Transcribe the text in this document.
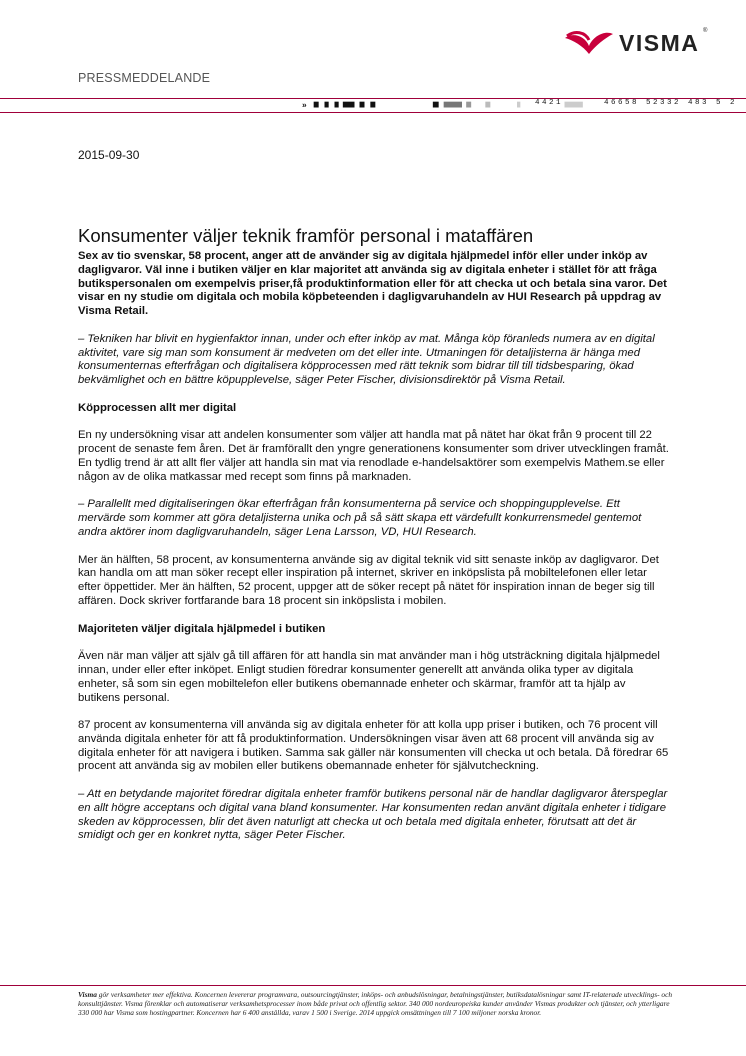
VISMA ®
PRESSMEDDELANDE
»	4421	46658 52332 483 5 2
2015-09-30
Konsumenter väljer teknik framför personal i mataffären

Sex av tio svenskar, 58 procent, anger att de använder sig av digitala hjälpmedel inför eller under inköp av dagligvaror. Väl inne i butiken väljer en klar majoritet att använda sig av digitala enheter i stället för att fråga butikspersonalen om exempelvis priser,få produktinformation eller för att checka ut och betala sina varor. Det visar en ny studie om digitala och mobila köpbeteenden i dagligvaruhandeln av HUI Research på uppdrag av Visma Retail.

– Tekniken har blivit en hygienfaktor innan, under och efter inköp av mat. Många köp föranleds numera av en digital aktivitet, vare sig man som konsument är medveten om det eller inte. Utmaningen för detaljisterna är hänga med konsumenternas efterfrågan och digitalisera köpprocessen med rätt teknik som bidrar till till tidsbesparing, ökad bekvämlighet och en bättre köpupplevelse, säger Peter Fischer, divisionsdirektör på Visma Retail.

Köpprocessen allt mer digital

En ny undersökning visar att andelen konsumenter som väljer att handla mat på nätet har ökat från 9 procent till 22 procent de senaste fem åren. Det är framförallt den yngre generationens konsumenter som driver utvecklingen framåt. En tydlig trend är att allt fler väljer att handla sin mat via renodlade e-handelsaktörer som exempelvis Mathem.se eller någon av de olika matkassar med recept som finns på marknaden.

– Parallellt med digitaliseringen ökar efterfrågan från konsumenterna på service och shoppingupplevelse. Ett mervärde som kommer att göra detaljisterna unika och på så sätt skapa ett värdefullt konkurrensmedel gentemot andra aktörer inom dagligvaruhandeln, säger Lena Larsson, VD, HUI Research.

Mer än hälften, 58 procent, av konsumenterna använde sig av digital teknik vid sitt senaste inköp av dagligvaror. Det kan handla om att man söker recept eller inspiration på internet, skriver en inköpslista på mobiltelefonen eller letar efter öppettider. Mer än hälften, 52 procent, uppger att de söker recept på nätet för inspiration innan de beger sig till affären. Dock skriver fortfarande bara 18 procent sin inköpslista i mobilen.

Majoriteten väljer digitala hjälpmedel i butiken

Även när man väljer att själv gå till affären för att handla sin mat använder man i hög utsträckning digitala hjälpmedel innan, under eller efter inköpet. Enligt studien föredrar konsumenter generellt att använda olika typer av digitala enheter, så som sin egen mobiltelefon eller butikens obemannade enheter och skärmar, framför att ta hjälp av butikens personal.

87 procent av konsumenterna vill använda sig av digitala enheter för att kolla upp priser i butiken, och 76 procent vill använda digitala enheter för att få produktinformation. Undersökningen visar även att 68 procent vill använda sig av digitala enheter för att navigera i butiken. Samma sak gäller när konsumenten vill checka ut och betala. Då föredrar 65 procent att använda sig av mobilen eller butikens obemannade enheter för självutcheckning.

– Att en betydande majoritet föredrar digitala enheter framför butikens personal när de handlar dagligvaror återspeglar en allt högre acceptans och digital vana bland konsumenter. Har konsumenten redan använt digitala enheter i tidigare skeden av köpprocessen, blir det även naturligt att checka ut och betala med digitala enheter, förutsatt att det är smidigt och ger en konkret nytta, säger Peter Fischer.

Visma gör verksamheter mer effektiva. Koncernen levererar programvara, outsourcingtjänster, inköps- och anbudslösningar, betalningstjänster, butiksdatalösningar samt IT-relaterade utvecklings- och konsulttjänster. Visma förenklar och automatiserar verksamhetsprocesser inom både privat och offentlig sektor. 340 000 nordeuropeiska kunder använder Vismas produkter och tjänster, och ytterligare 330 000 har Visma som hostingpartner. Koncernen har 6 400 anställda, varav 1 500 i Sverige. 2014 uppgick omsättningen till 7 100 miljoner norska kronor.
